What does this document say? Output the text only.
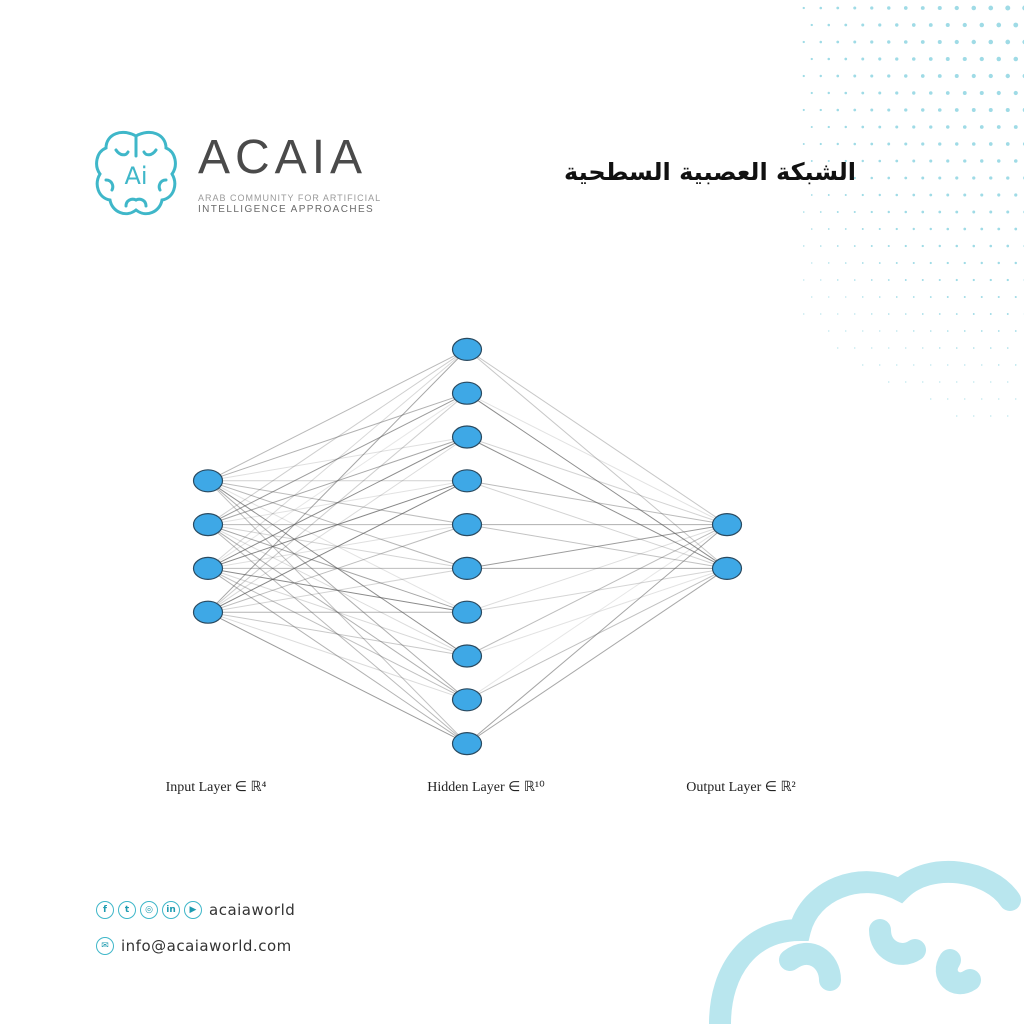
Ai ACAIA
ARAB COMMUNITY FOR ARTIFICIAL
INTELLIGENCE APPROACHES
الشبكة العصبية السطحية
Input Layer ∈ ℝ⁴	Hidden Layer ∈ ℝ¹⁰	Output Layer ∈ ℝ²
f	t	◎	in	▶ acaiaworld
✉ info@acaiaworld.com
